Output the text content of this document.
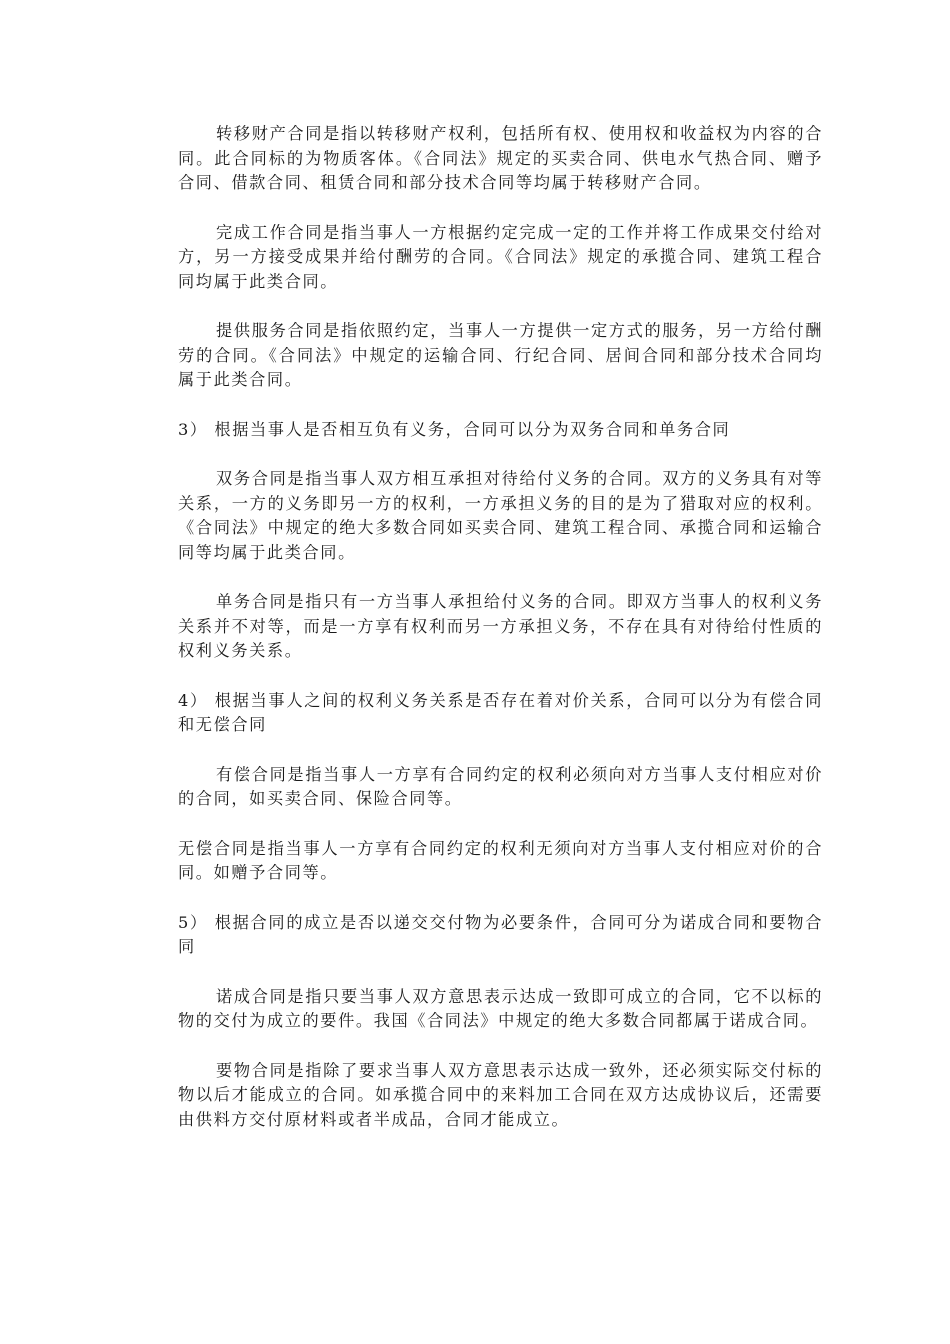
转移财产合同是指以转移财产权利，包括所有权、使用权和收益权为内容的合同。此合同标的为物质客体。《合同法》规定的买卖合同、供电水气热合同、赠予合同、借款合同、租赁合同和部分技术合同等均属于转移财产合同。

完成工作合同是指当事人一方根据约定完成一定的工作并将工作成果交付给对方，另一方接受成果并给付酬劳的合同。《合同法》规定的承揽合同、建筑工程合同均属于此类合同。

提供服务合同是指依照约定，当事人一方提供一定方式的服务，另一方给付酬劳的合同。《合同法》中规定的运输合同、行纪合同、居间合同和部分技术合同均属于此类合同。

3） 根据当事人是否相互负有义务，合同可以分为双务合同和单务合同

双务合同是指当事人双方相互承担对待给付义务的合同。双方的义务具有对等关系，一方的义务即另一方的权利，一方承担义务的目的是为了猎取对应的权利。《合同法》中规定的绝大多数合同如买卖合同、建筑工程合同、承揽合同和运输合同等均属于此类合同。

单务合同是指只有一方当事人承担给付义务的合同。即双方当事人的权利义务关系并不对等，而是一方享有权利而另一方承担义务，不存在具有对待给付性质的权利义务关系。

4） 根据当事人之间的权利义务关系是否存在着对价关系，合同可以分为有偿合同和无偿合同

有偿合同是指当事人一方享有合同约定的权利必须向对方当事人支付相应对价的合同，如买卖合同、保险合同等。

无偿合同是指当事人一方享有合同约定的权利无须向对方当事人支付相应对价的合同。如赠予合同等。

5） 根据合同的成立是否以递交交付物为必要条件，合同可分为诺成合同和要物合同

诺成合同是指只要当事人双方意思表示达成一致即可成立的合同，它不以标的物的交付为成立的要件。我国《合同法》中规定的绝大多数合同都属于诺成合同。

要物合同是指除了要求当事人双方意思表示达成一致外，还必须实际交付标的物以后才能成立的合同。如承揽合同中的来料加工合同在双方达成协议后，还需要由供料方交付原材料或者半成品，合同才能成立。
